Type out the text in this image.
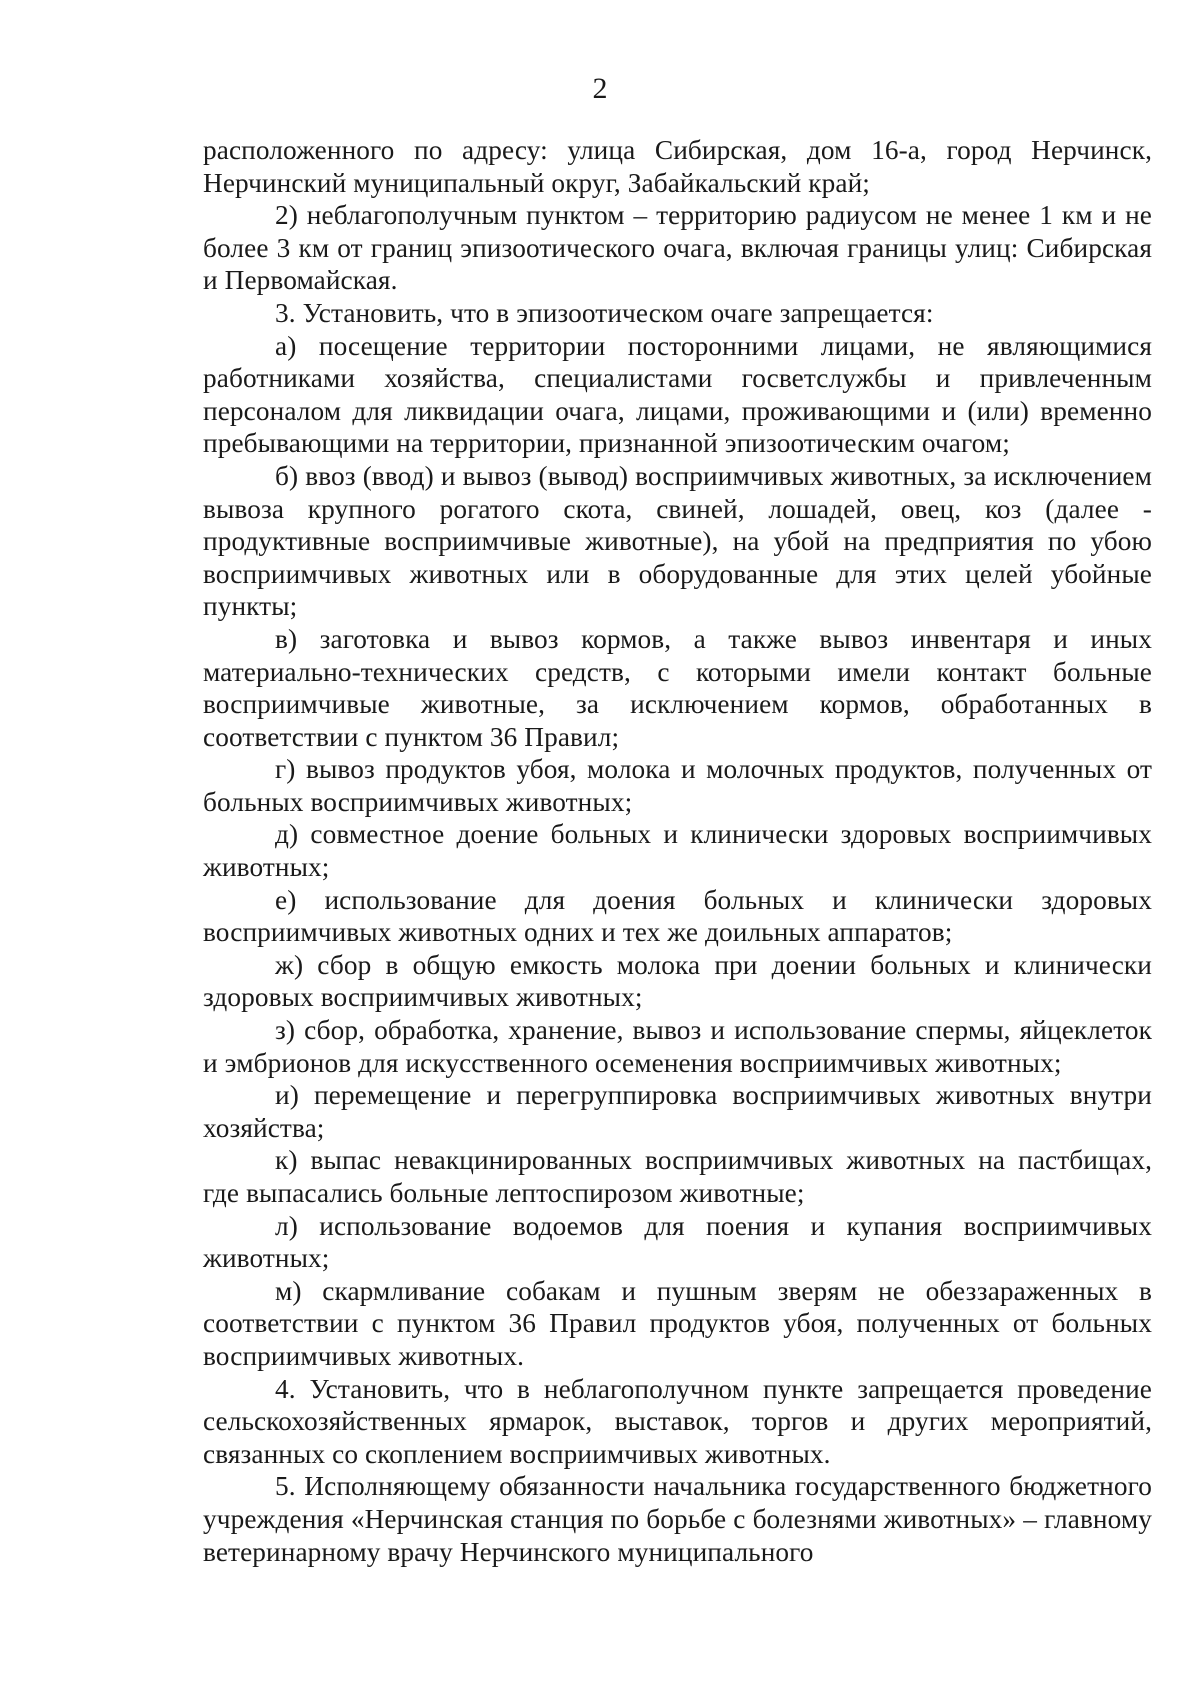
2

расположенного по адресу: улица Сибирская, дом 16-а, город Нерчинск, Нерчинский муниципальный округ, Забайкальский край;

2) неблагополучным пунктом – территорию радиусом не менее 1 км и не более 3 км от границ эпизоотического очага, включая границы улиц: Сибирская и Первомайская.

3. Установить, что в эпизоотическом очаге запрещается:

а) посещение территории посторонними лицами, не являющимися работниками хозяйства, специалистами госветслужбы и привлеченным персоналом для ликвидации очага, лицами, проживающими и (или) временно пребывающими на территории, признанной эпизоотическим очагом;

б) ввоз (ввод) и вывоз (вывод) восприимчивых животных, за исключением вывоза крупного рогатого скота, свиней, лошадей, овец, коз (далее - продуктивные восприимчивые животные), на убой на предприятия по убою восприимчивых животных или в оборудованные для этих целей убойные пункты;

в) заготовка и вывоз кормов, а также вывоз инвентаря и иных материально-технических средств, с которыми имели контакт больные восприимчивые животные, за исключением кормов, обработанных в соответствии с пунктом 36 Правил;

г) вывоз продуктов убоя, молока и молочных продуктов, полученных от больных восприимчивых животных;

д) совместное доение больных и клинически здоровых восприимчивых животных;

е) использование для доения больных и клинически здоровых восприимчивых животных одних и тех же доильных аппаратов;

ж) сбор в общую емкость молока при доении больных и клинически здоровых восприимчивых животных;

з) сбор, обработка, хранение, вывоз и использование спермы, яйцеклеток и эмбрионов для искусственного осеменения восприимчивых животных;

и) перемещение и перегруппировка восприимчивых животных внутри хозяйства;

к) выпас невакцинированных восприимчивых животных на пастбищах, где выпасались больные лептоспирозом животные;

л) использование водоемов для поения и купания восприимчивых животных;

м) скармливание собакам и пушным зверям не обеззараженных в соответствии с пунктом 36 Правил продуктов убоя, полученных от больных восприимчивых животных.

4. Установить, что в неблагополучном пункте запрещается проведение сельскохозяйственных ярмарок, выставок, торгов и других мероприятий, связанных со скоплением восприимчивых животных.

5. Исполняющему обязанности начальника государственного бюджетного учреждения «Нерчинская станция по борьбе с болезнями животных» – главному ветеринарному врачу Нерчинского муниципального
